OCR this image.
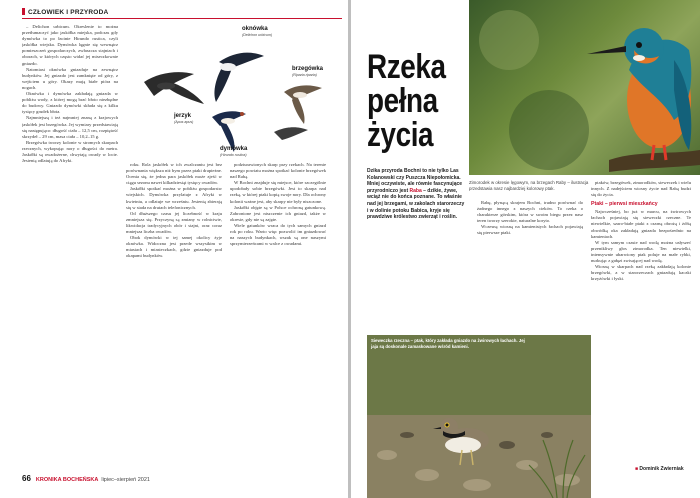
CZŁOWIEK I PRZYRODA

– Delichon urbicum. Okreslenie to można przetłumaczyć jako jaskółka miejska, podczas gdy dymówka to po łacinie Hirundo rustica, czyli jaskółka wiejska. Dymówka lęgnie się wewnątrz pomieszczeń gospodarczych, zwłaszcza stajniach i oborach, w których często widać jej miseczkowate gniazdo.

Natomiast oknówka gniazduje na zewnątrz budynków. Jej gniazdo jest zamknięte od góry, z wejściem u góry. Okazy mają białe pióra na nogach.

Oknówka i dymówka zakładają gniazda w pobliżu wody, z której mogą brać błoto niezbędne do budowy. Gniazdo dymówki składa się z kilku tysięcy grudek błota.

Najmniejszą i też najmniej znaną z krajowych jaskółek jest brzegówka. Jej wymiary przedstawiają się następująco: długość ciała – 12,5 cm, rozpiętość skrzydeł – 29 cm, masa ciała – 10,2–15 g.

Brzegówka tworzy kolonie w stromych skarpach rzecznych, wykopując nory o długości do metra. Jaskółki są owadożerne, chwytają owady w locie. Jesienią odlatują do Afryki.

oknówka
(Delichon urbicum)
jerzyk
(Apus apus)
dymówka
(Hirundo rustica)
brzegówka
(Riparia riparia)

roku. Rola jaskółek w ich zwalczaniu jest bez porównania większa niż bym przez ptaki drapieżne. Ocenia się, że jedna para jaskółek może zjeść w ciągu sezonu nawet kilkadziesiąt tysięcy owadów.

Jaskółki spotkać można w pobliżu gospodarstw wiejskich. Dymówka przylatuje z Afryki w kwietniu, a odlatuje we wrześniu. Jesienią zbierają się w stada na drutach telefonicznych.

Od dłuższego czasu jej liczebność w kraju zmniejsza się. Przyczyną są zmiany w rolnictwie, likwidacja tradycyjnych obór i stajni, oraz coraz mniejsza liczba owadów.

Obok dymówki w tej samej okolicy żyje oknówka. Widoczna jest przede wszystkim w miastach i miasteczkach, gdzie gniazduje pod okapami budynków.

podziurawionych skarp przy rzekach. Na terenie naszego powiatu można spotkać kolonie brzegówek nad Rabą.

W Bochni znajduje się miejsce, które szczególnie upodobały sobie brzegówki. Jest to skarpa nad rzeką, w której ptaki kopią swoje nory. Dla ochrony kolonii ważne jest, aby skarpy nie były niszczone.

Jaskółki objęte są w Polsce ochroną gatunkową. Zabronione jest niszczenie ich gniazd, także w okresie, gdy nie są zajęte.

Wiele gatunków wraca do tych samych gniazd rok po roku. Warto więc pozwolić im gniazdować na naszych budynkach, wszak są one naszymi sprzymierzeńcami w walce z owadami.

66 KRONIKA BOCHEŃSKA lipiec–sierpień 2021
Rzeka
pełna
życia
Dzika przyroda Bochni to nie tylko Las Kolanowski czy Puszcza Niepołomicka. Mniej oczywiste, ale równie fascynujące przyrodniczo jest Raba – dzikie, żywe, wciąż nie do końca poznane. To właśnie nad jej brzegami, w zakolach starorzeczy i w dolinie potoku Babica, kryje się prawdziwe królestwo zwierząt i roślin.
Zimorodek w okresie lęgowym, na brzegach Raby – ilustracja przedstawia nasz najbardziej kolorowy ptak.

Rabę, płynącą skrajem Bochni, trudno porównać do żadnego innego z naszych cieków. To rzeka o charakterze górskim, która w swoim biegu przez nasz teren tworzy szerokie, naturalne koryto.

Wczesną wiosną na kamienistych łachach pojawiają się pierwsze ptaki.

ptaków, brzegówek, zimorodków, sieweczek i wielu innych. Z nadejściem wiosny życie nad Rabą budzi się do życia.

Ptaki – pierwsi mieszkańcy

Najwcześniej, bo już w marcu, na żwirowych łachach pojawiają się sieweczki rzeczne. Te niewielkie, szaro-białe ptaki z czarną obrożą i żółtą obwódką oka zakładają gniazda bezpośrednio na kamieniach.

W tym samym czasie nad wodą można usłyszeć przenikliwy głos zimorodka. Ten niewielki, intensywnie ubarwiony ptak poluje na małe rybki, nurkując z gałęzi zwisającej nad wodą.

Wiosną w skarpach nad rzeką zakładają kolonie brzegówki, a w starorzeczach gniazdują kaczki krzyżówki i łyski.

Sieweczka rzeczna – ptak, który zakłada gniazdo na żwirowych łachach. Jej jaja są doskonale zamaskowane wśród kamieni.
■ Dominik Zwierniak
